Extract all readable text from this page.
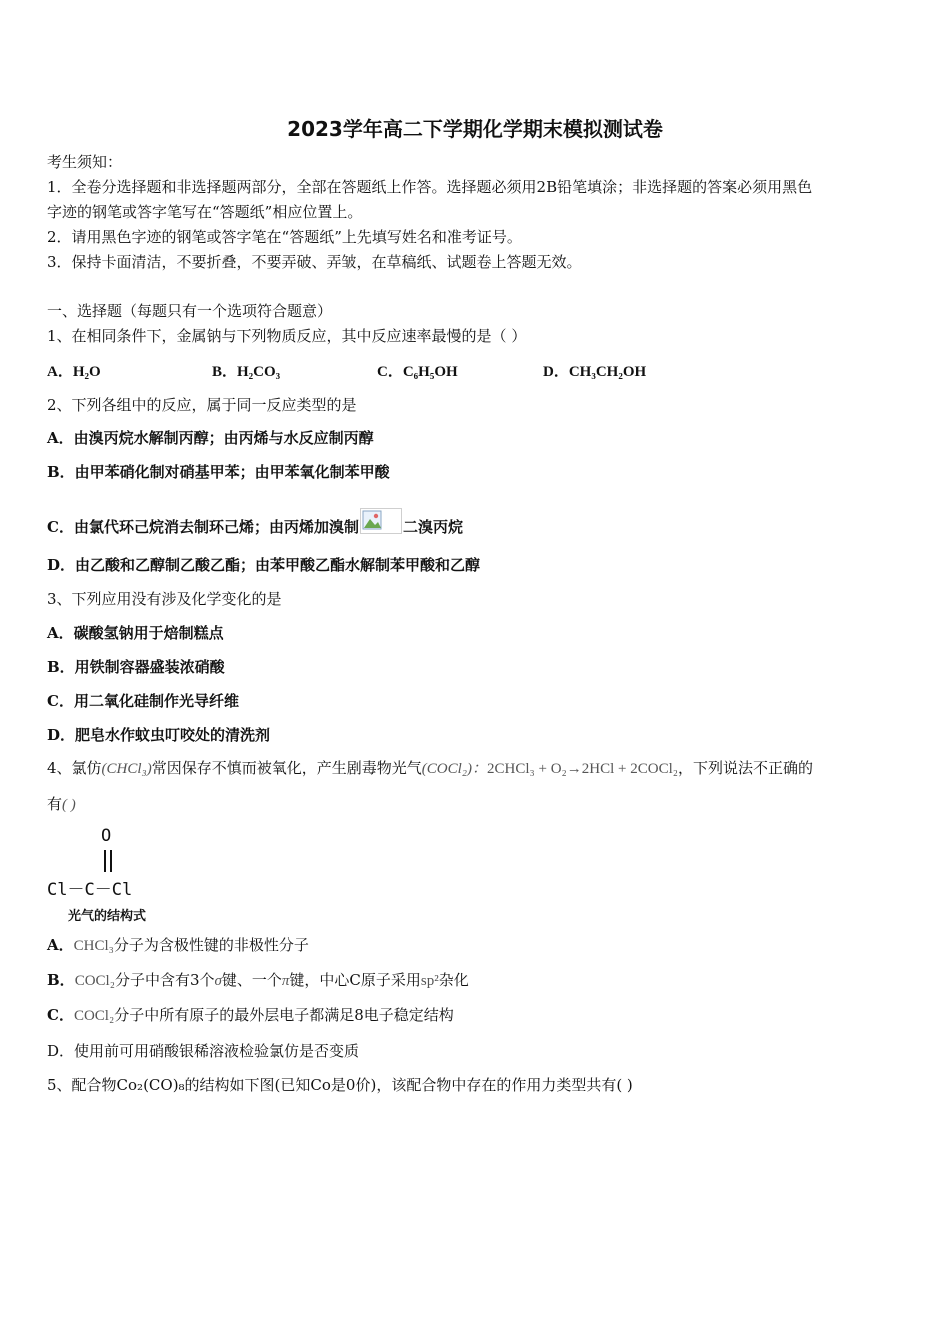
2023学年高二下学期化学期末模拟测试卷
考生须知：
1．全卷分选择题和非选择题两部分，全部在答题纸上作答。选择题必须用2B铅笔填涂；非选择题的答案必须用黑色
字迹的钢笔或答字笔写在“答题纸”相应位置上。
2．请用黑色字迹的钢笔或答字笔在“答题纸”上先填写姓名和准考证号。
3．保持卡面清洁，不要折叠，不要弄破、弄皱，在草稿纸、试题卷上答题无效。
一、选择题（每题只有一个选项符合题意）
1、在相同条件下，金属钠与下列物质反应，其中反应速率最慢的是（ ）
A．H₂O	B．H₂CO₃	C．C₆H₅OH	D．CH₃CH₂OH
2、下列各组中的反应，属于同一反应类型的是
A．由溴丙烷水解制丙醇；由丙烯与水反应制丙醇
B．由甲苯硝化制对硝基甲苯；由甲苯氧化制苯甲酸
C．由氯代环己烷消去制环己烯；由丙烯加溴制	二溴丙烷
D．由乙酸和乙醇制乙酸乙酯；由苯甲酸乙酯水解制苯甲酸和乙醇
3、下列应用没有涉及化学变化的是
A．碳酸氢钠用于焙制糕点
B．用铁制容器盛装浓硝酸
C．用二氧化硅制作光导纤维
D．肥皂水作蚊虫叮咬处的清洗剂
4、氯仿(CHCl₃)常因保存不慎而被氧化，产生剧毒物光气(COCl₂)：2CHCl₃ + O₂→2HCl + 2COCl₂，下列说法不正确的
有( )
O
Cl－C－Cl
光气的结构式
A．CHCl₃分子为含极性键的非极性分子
B．COCl₂分子中含有3个σ键、一个π键，中心C原子采用sp²杂化
C．COCl₂分子中所有原子的最外层电子都满足8电子稳定结构
D．使用前可用硝酸银稀溶液检验氯仿是否变质
5、配合物Co₂(CO)₈的结构如下图(已知Co是0价)，该配合物中存在的作用力类型共有( )
